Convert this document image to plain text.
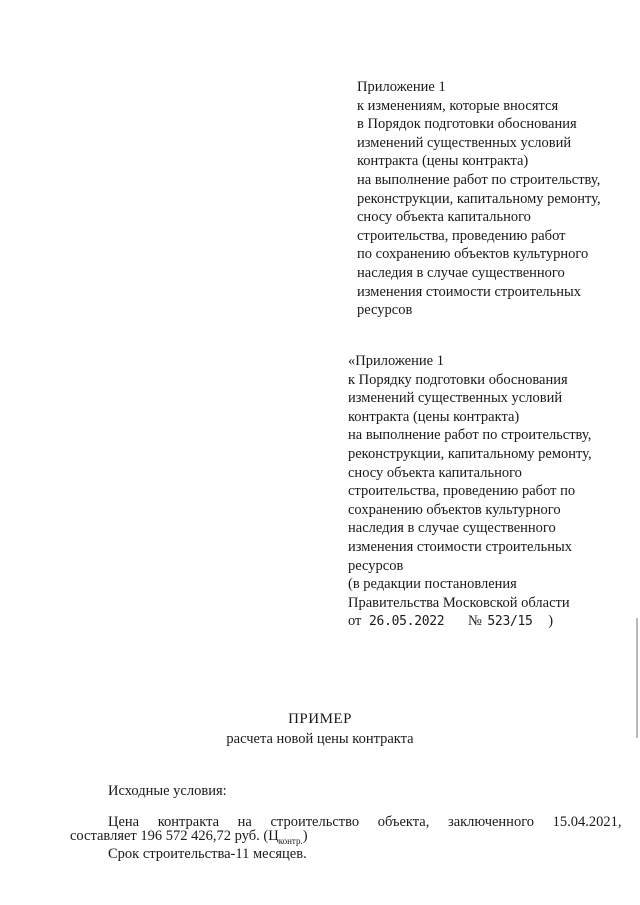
Приложение 1
к изменениям, которые вносятся
в Порядок подготовки обоснования
изменений существенных условий
контракта (цены контракта)
на выполнение работ по строительству,
реконструкции, капитальному ремонту,
сносу объекта капитального
строительства, проведению работ
по сохранению объектов культурного
наследия в случае существенного
изменения стоимости строительных
ресурсов
«Приложение 1
к Порядку подготовки обоснования
изменений существенных условий
контракта (цены контракта)
на выполнение работ по строительству,
реконструкции, капитальному ремонту,
сносу объекта капитального
строительства, проведению работ по
сохранению объектов культурного
наследия в случае существенного
изменения стоимости строительных
ресурсов
(в редакции постановления
Правительства Московской области
от 26.05.2022 № 523/15 )
ПРИМЕР
расчета новой цены контракта
Исходные условия:
Цена контракта на строительство объекта, заключенного 15.04.2021,
составляет 196 572 426,72 руб. $(Ц_{контр.})$
Срок строительства-11 месяцев.
